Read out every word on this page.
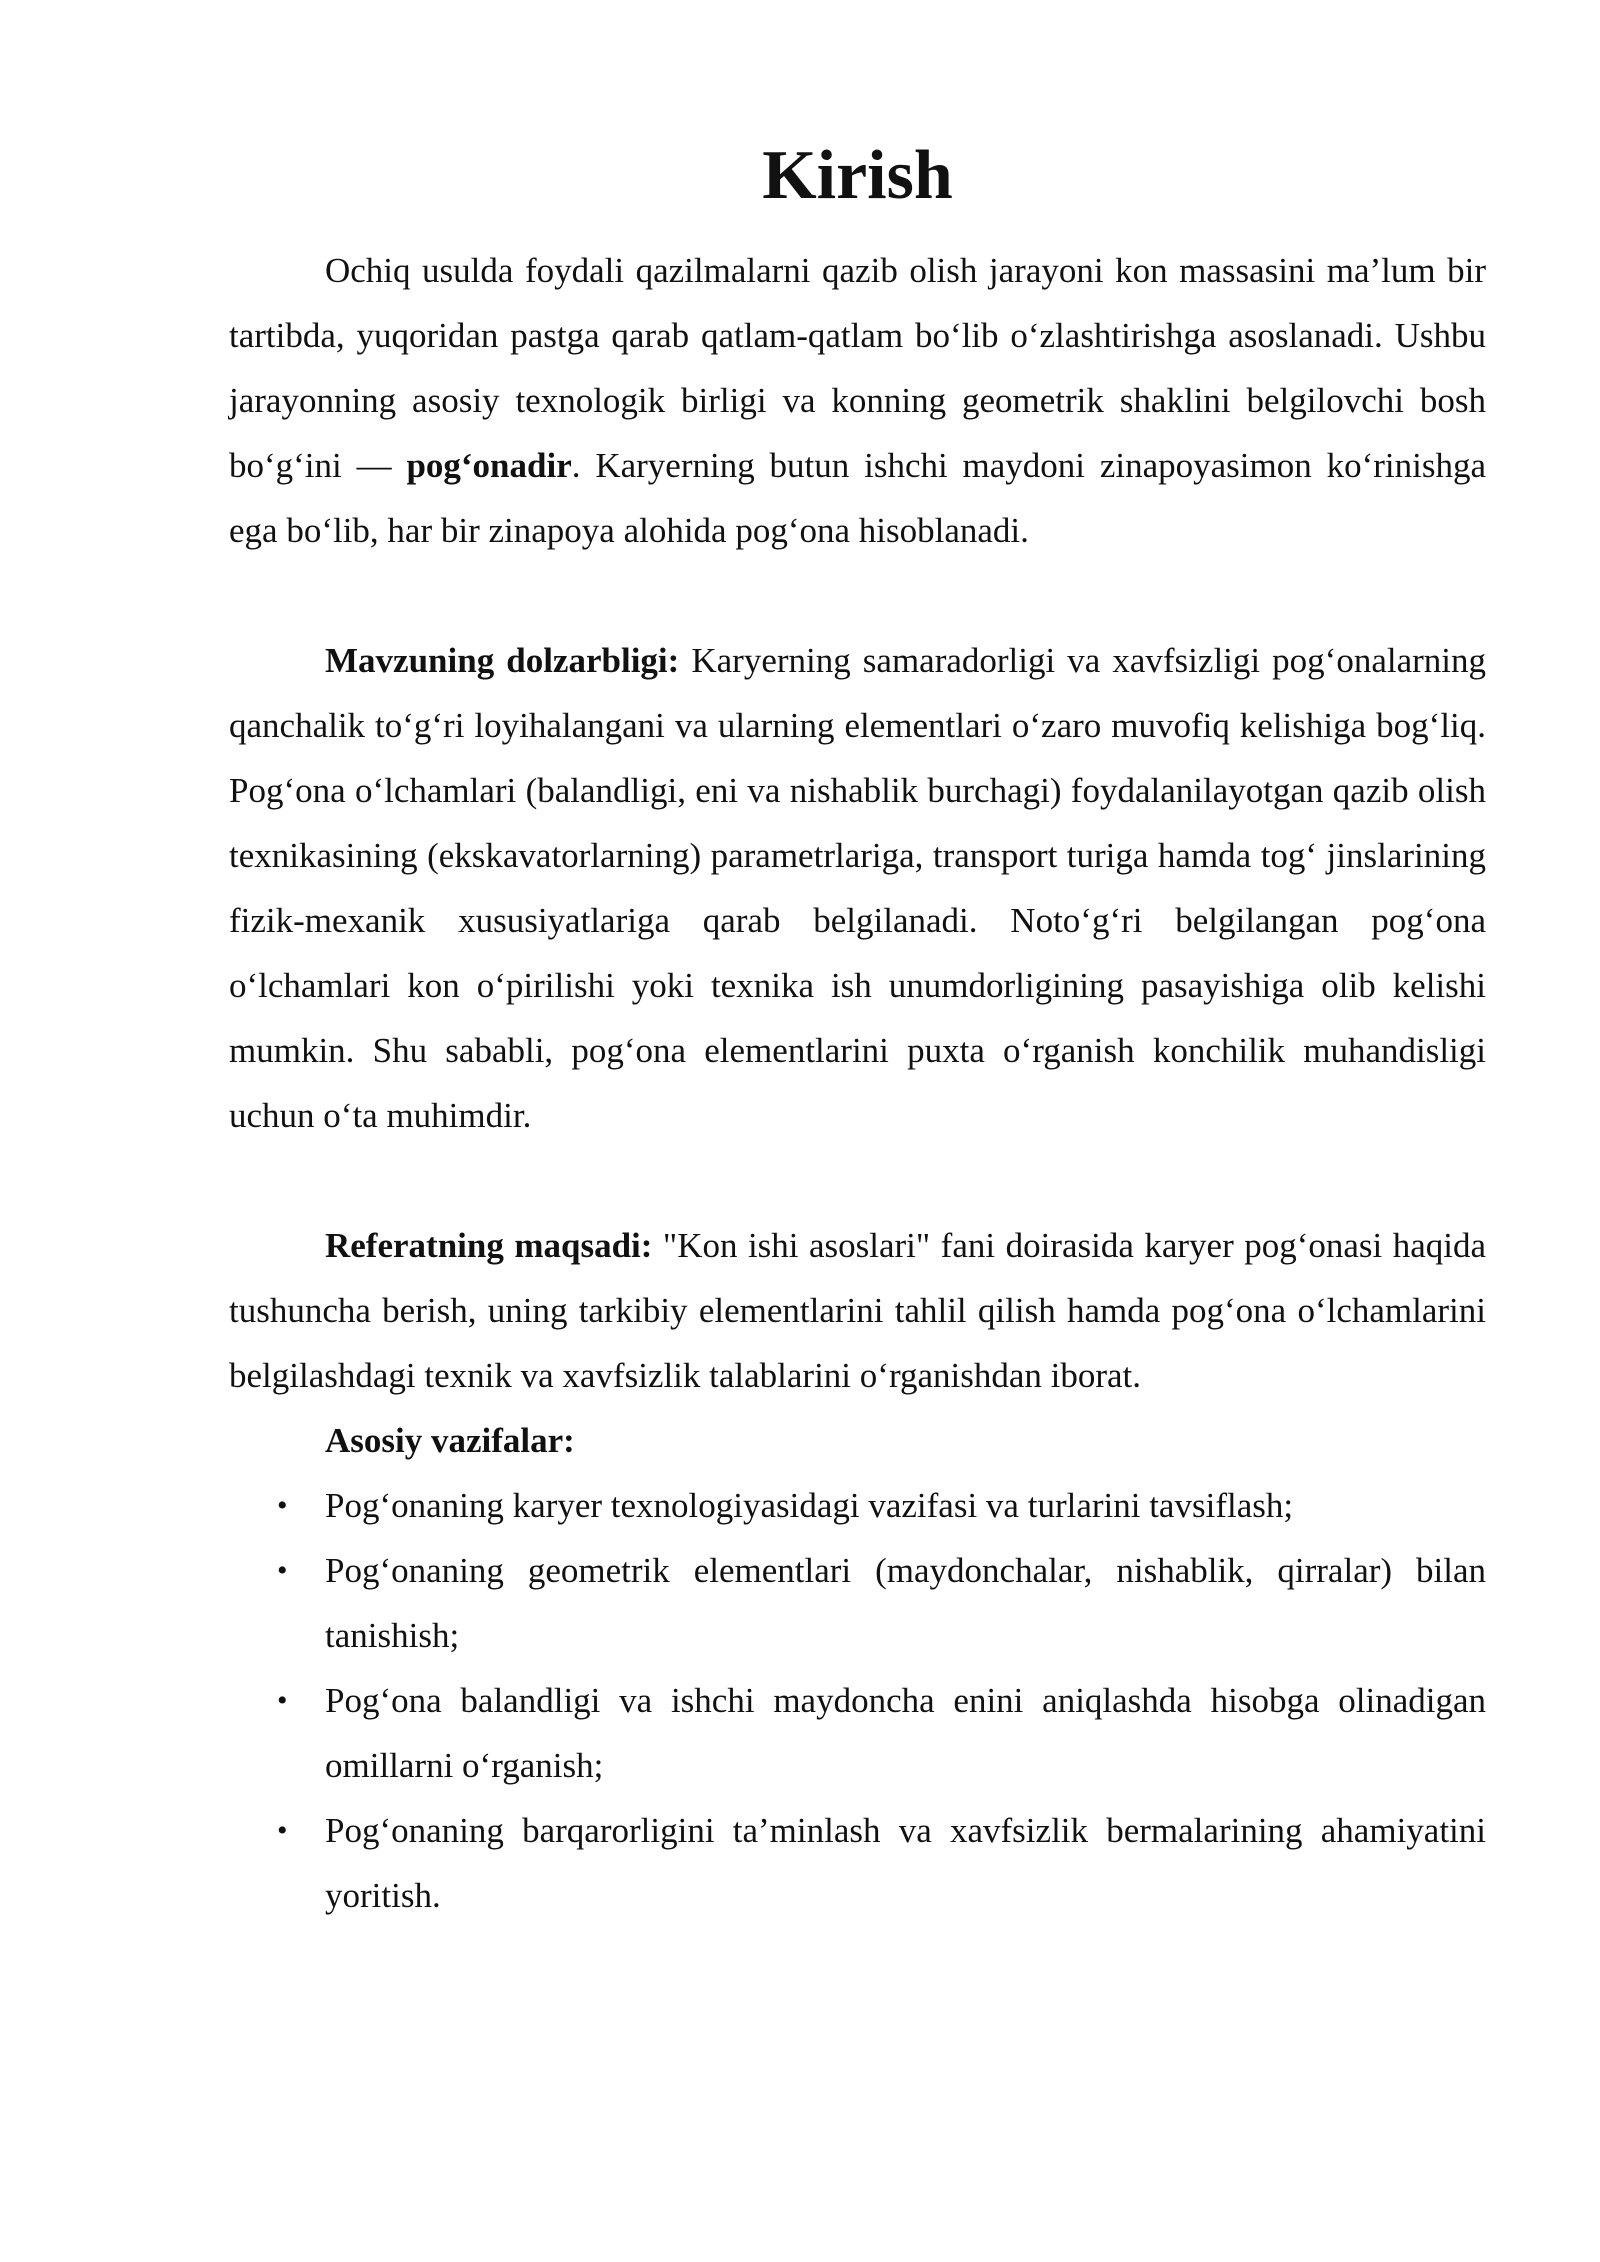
Kirish

Ochiq usulda foydali qazilmalarni qazib olish jarayoni kon massasini ma’lum bir tartibda, yuqoridan pastga qarab qatlam-qatlam bo‘lib o‘zlashtirishga asoslanadi. Ushbu jarayonning asosiy texnologik birligi va konning geometrik shaklini belgilovchi bosh bo‘g‘ini — pog‘onadir. Karyerning butun ishchi maydoni zinapoyasimon ko‘rinishga ega bo‘lib, har bir zinapoya alohida pog‘ona hisoblanadi.

Mavzuning dolzarbligi: Karyerning samaradorligi va xavfsizligi pog‘onalarning qanchalik to‘g‘ri loyihalangani va ularning elementlari o‘zaro muvofiq kelishiga bog‘liq. Pog‘ona o‘lchamlari (balandligi, eni va nishablik burchagi) foydalanilayotgan qazib olish texnikasining (ekskavatorlarning) parametrlariga, transport turiga hamda tog‘ jinslarining fizik-mexanik xususiyatlariga qarab belgilanadi. Noto‘g‘ri belgilangan pog‘ona o‘lchamlari kon o‘pirilishi yoki texnika ish unumdorligining pasayishiga olib kelishi mumkin. Shu sababli, pog‘ona elementlarini puxta o‘rganish konchilik muhandisligi uchun o‘ta muhimdir.

Referatning maqsadi: "Kon ishi asoslari" fani doirasida karyer pog‘onasi haqida tushuncha berish, uning tarkibiy elementlarini tahlil qilish hamda pog‘ona o‘lchamlarini belgilashdagi texnik va xavfsizlik talablarini o‘rganishdan iborat.

Asosiy vazifalar:

• Pog‘onaning karyer texnologiyasidagi vazifasi va turlarini tavsiflash;
• Pog‘onaning geometrik elementlari (maydonchalar, nishablik, qirralar) bilan tanishish;
• Pog‘ona balandligi va ishchi maydoncha enini aniqlashda hisobga olinadigan omillarni o‘rganish;
• Pog‘onaning barqarorligini ta’minlash va xavfsizlik bermalarining ahamiyatini yoritish.
